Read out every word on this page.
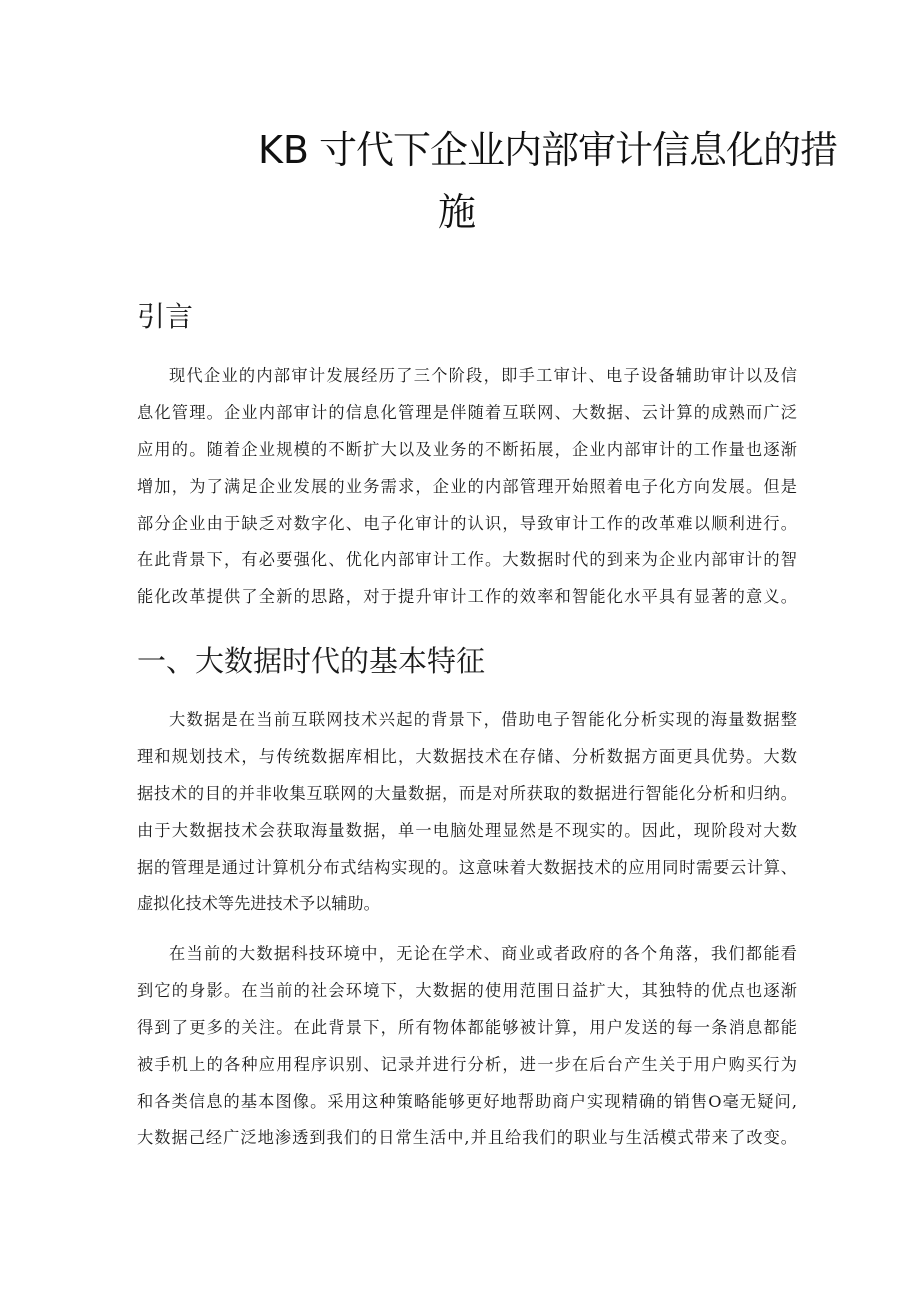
KB 寸代下企业内部审计信息化的措
施
引言
现代企业的内部审计发展经历了三个阶段，即手工审计、电子设备辅助审计以及信
息化管理。企业内部审计的信息化管理是伴随着互联网、大数据、云计算的成熟而广泛
应用的。随着企业规模的不断扩大以及业务的不断拓展，企业内部审计的工作量也逐渐
增加，为了满足企业发展的业务需求，企业的内部管理开始照着电子化方向发展。但是
部分企业由于缺乏对数字化、电子化审计的认识，导致审计工作的改革难以顺利进行。
在此背景下，有必要强化、优化内部审计工作。大数据时代的到来为企业内部审计的智
能化改革提供了全新的思路，对于提升审计工作的效率和智能化水平具有显著的意义。
一、大数据时代的基本特征
大数据是在当前互联网技术兴起的背景下，借助电子智能化分析实现的海量数据整
理和规划技术，与传统数据库相比，大数据技术在存储、分析数据方面更具优势。大数
据技术的目的并非收集互联网的大量数据，而是对所获取的数据进行智能化分析和归纳。
由于大数据技术会获取海量数据，单一电脑处理显然是不现实的。因此，现阶段对大数
据的管理是通过计算机分布式结构实现的。这意味着大数据技术的应用同时需要云计算、
虚拟化技术等先进技术予以辅助。
在当前的大数据科技环境中，无论在学术、商业或者政府的各个角落，我们都能看
到它的身影。在当前的社会环境下，大数据的使用范围日益扩大，其独特的优点也逐渐
得到了更多的关注。在此背景下，所有物体都能够被计算，用户发送的每一条消息都能
被手机上的各种应用程序识别、记录并进行分析，进一步在后台产生关于用户购买行为
和各类信息的基本图像。采用这种策略能够更好地帮助商户实现精确的销售O毫无疑问,
大数据己经广泛地渗透到我们的日常生活中,并且给我们的职业与生活模式带来了改变。
